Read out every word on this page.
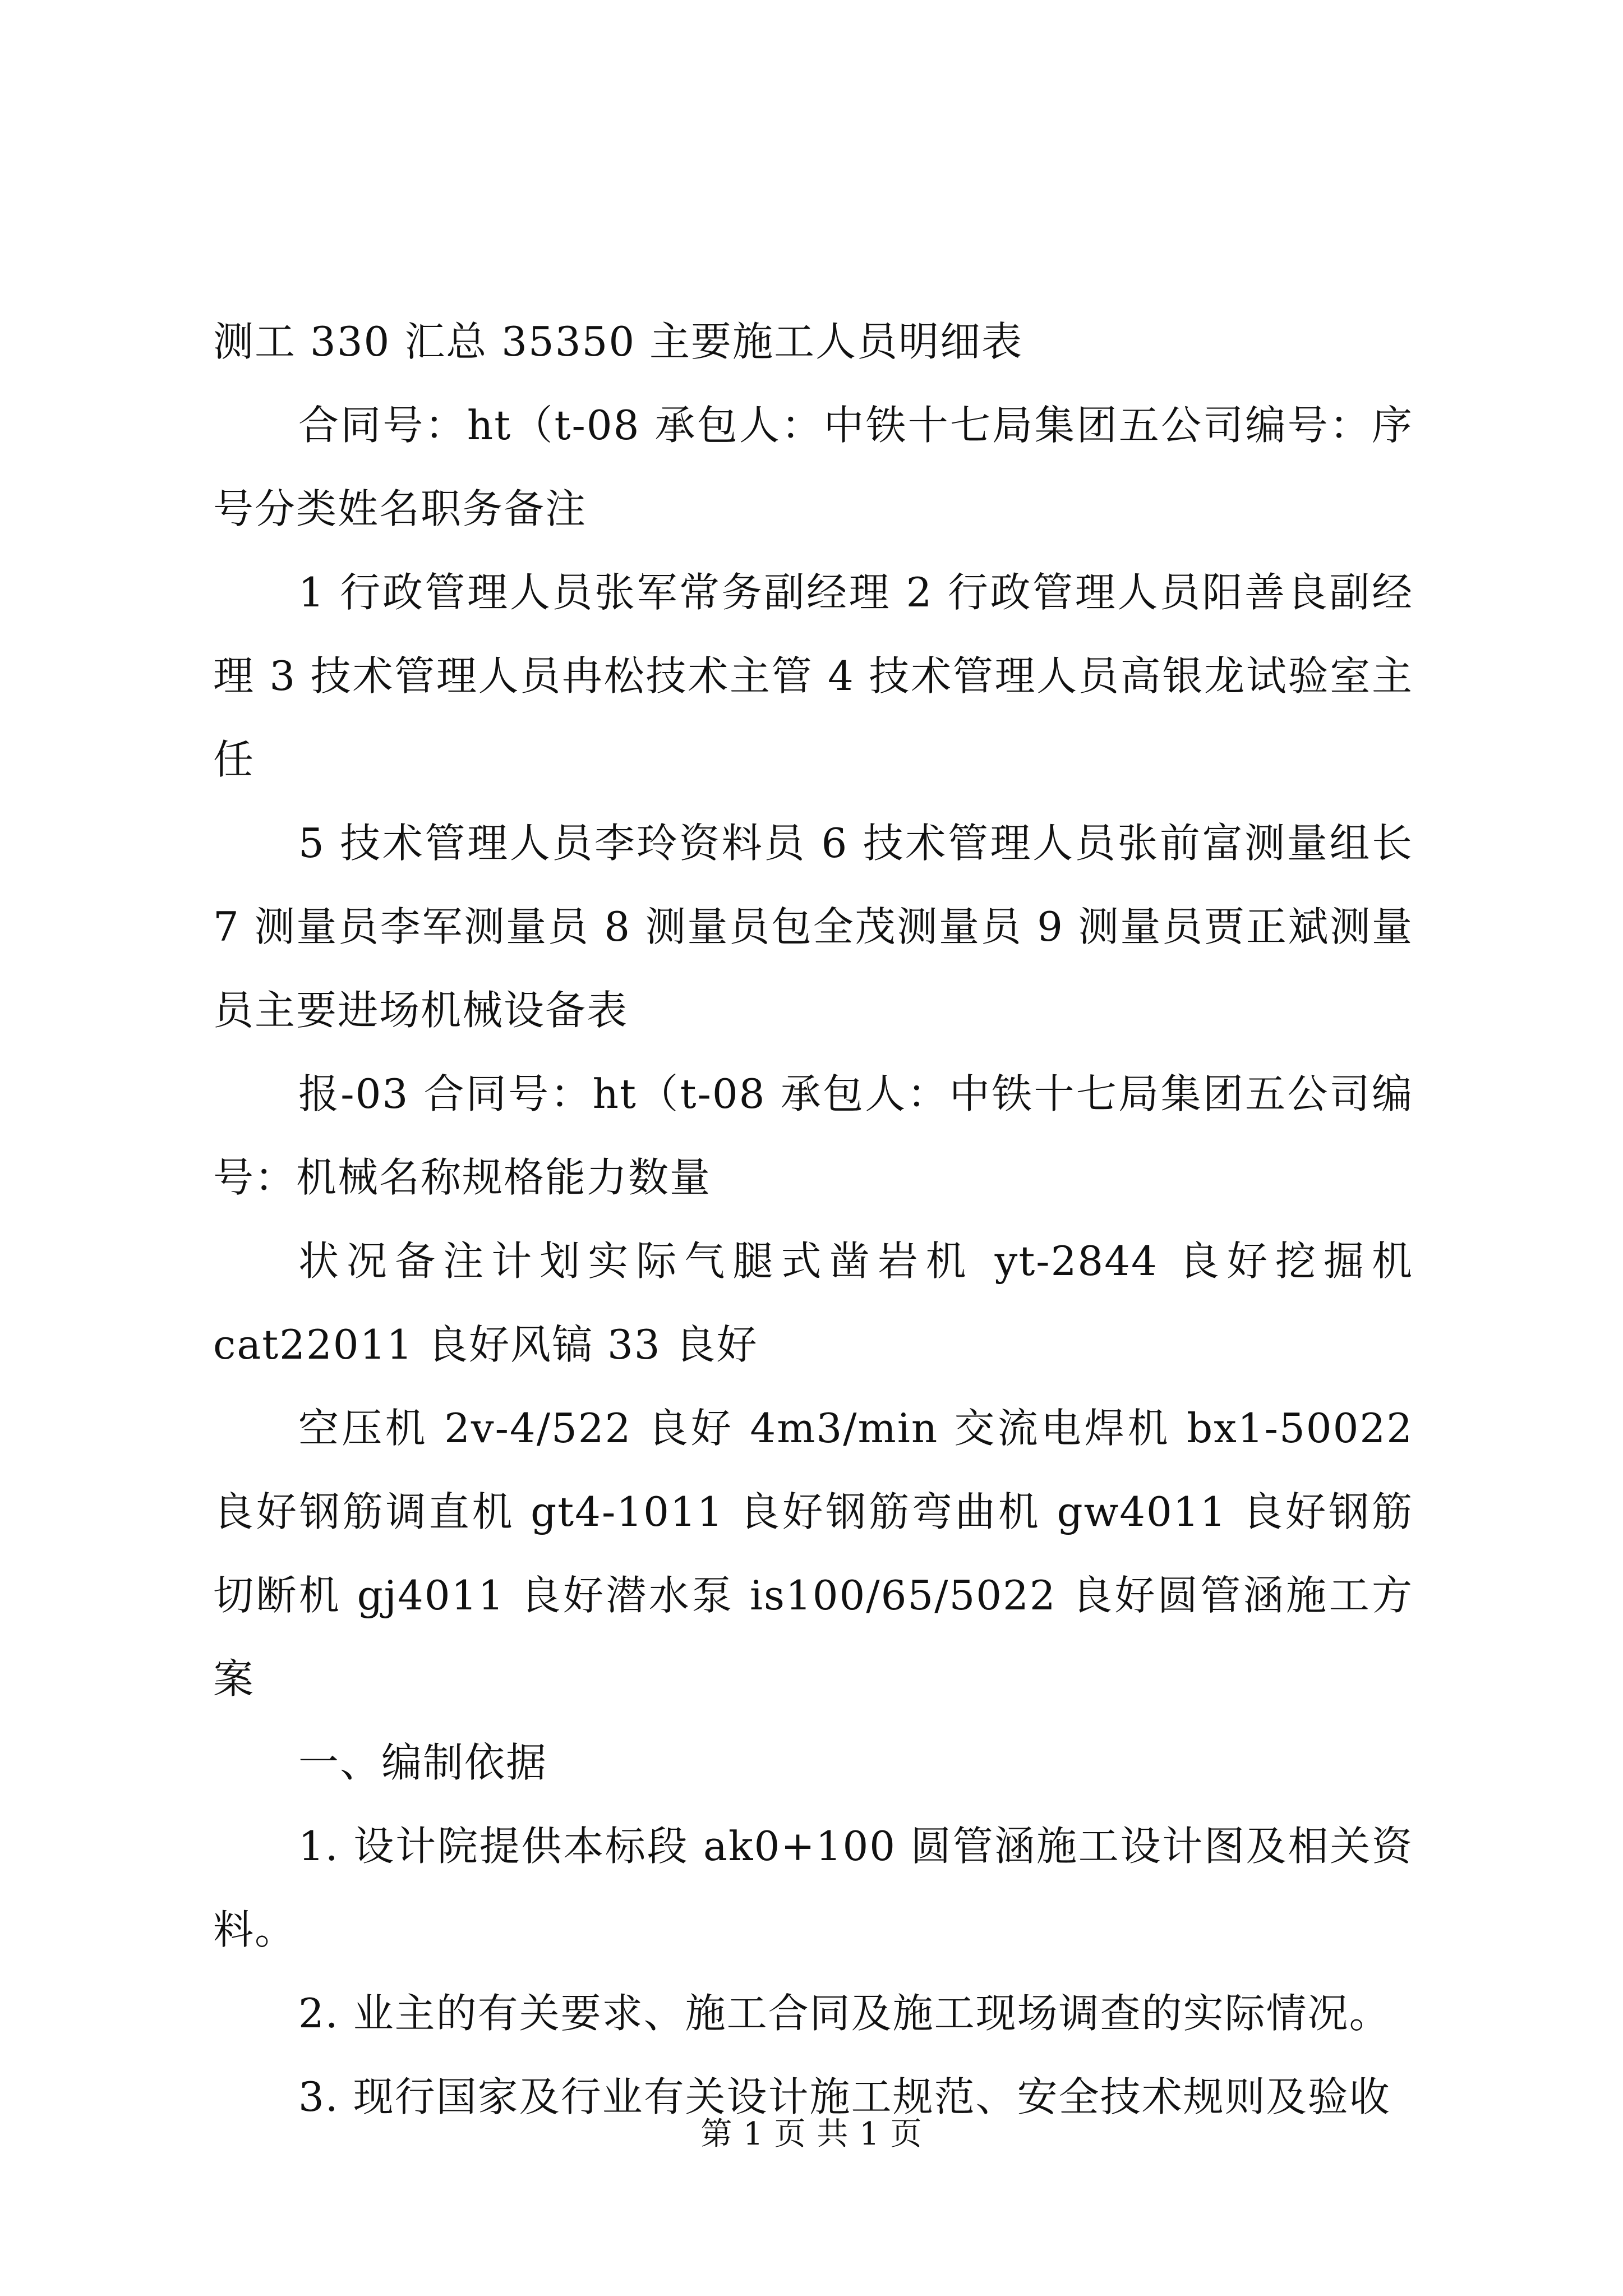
测工 330 汇总 35350 主要施工人员明细表

合同号：ht（t-08 承包人：中铁十七局集团五公司编号：序号分类姓名职务备注

1 行政管理人员张军常务副经理 2 行政管理人员阳善良副经理 3 技术管理人员冉松技术主管 4 技术管理人员高银龙试验室主任

5 技术管理人员李玲资料员 6 技术管理人员张前富测量组长 7 测量员李军测量员 8 测量员包全茂测量员 9 测量员贾正斌测量员主要进场机械设备表

报-03 合同号：ht（t-08 承包人：中铁十七局集团五公司编号：机械名称规格能力数量

状况备注计划实际气腿式凿岩机 yt-2844 良好挖掘机 cat22011 良好风镐 33 良好

空压机 2v-4/522 良好 4m3/min 交流电焊机 bx1-50022 良好钢筋调直机 gt4-1011 良好钢筋弯曲机 gw4011 良好钢筋切断机 gj4011 良好潜水泵 is100/65/5022 良好圆管涵施工方案

一、编制依据

1. 设计院提供本标段 ak0+100 圆管涵施工设计图及相关资料。

2. 业主的有关要求、施工合同及施工现场调查的实际情况。

3. 现行国家及行业有关设计施工规范、安全技术规则及验收

第 1 页 共 1 页
